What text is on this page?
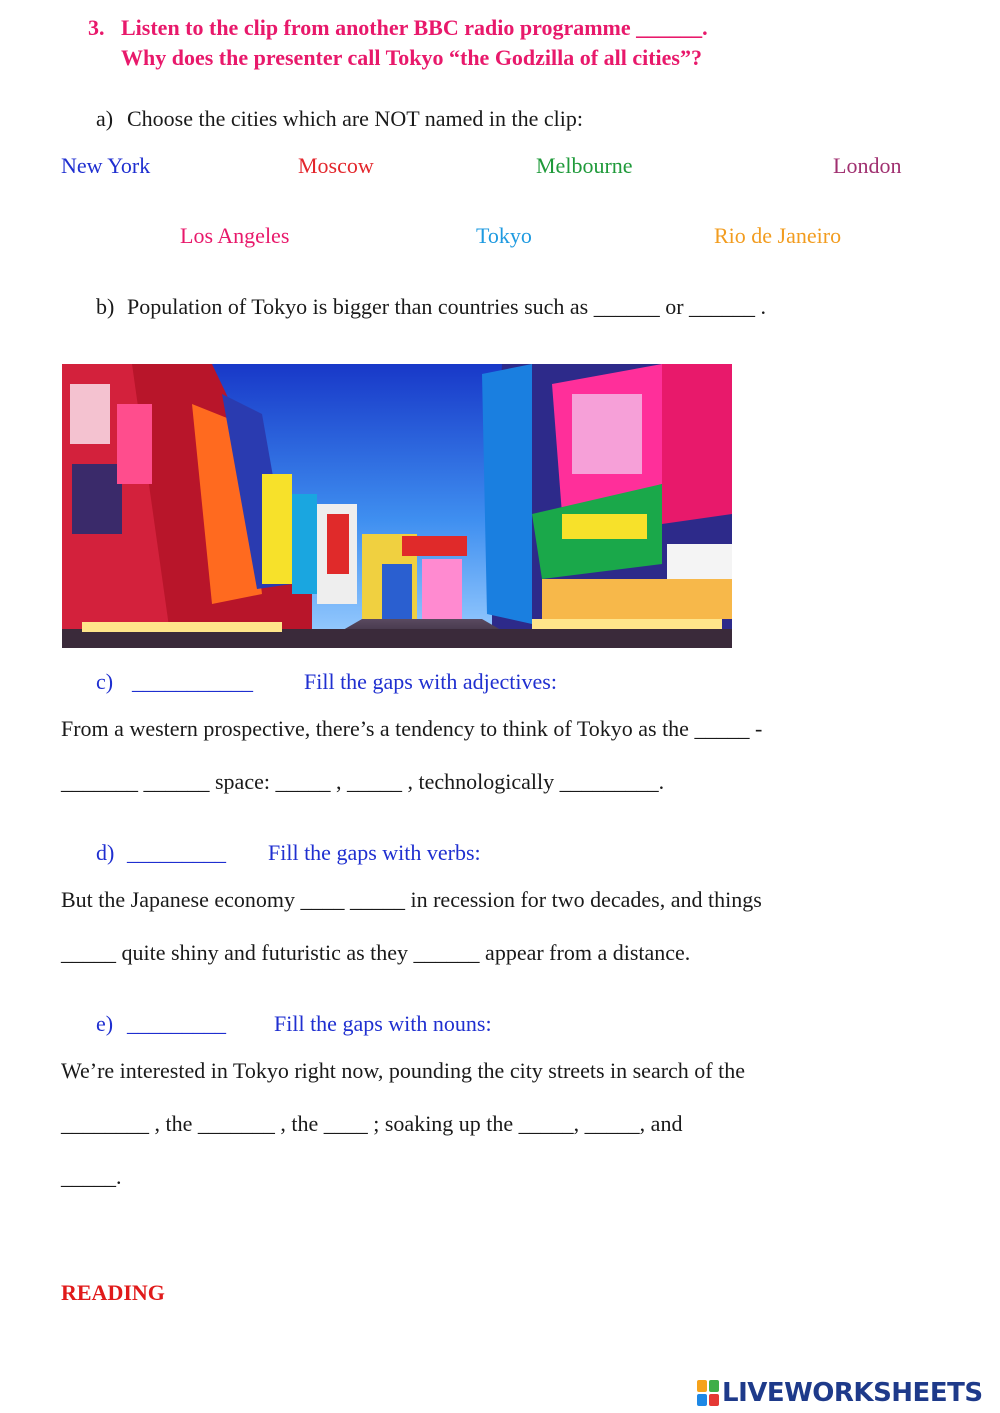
3. Listen to the clip from another BBC radio programme ______.
Why does the presenter call Tokyo “the Godzilla of all cities”?
a) Choose the cities which are NOT named in the clip:
New York	Moscow	Melbourne	London
Los Angeles	Tokyo	Rio de Janeiro
b) Population of Tokyo is bigger than countries such as ______ or ______ .
c) ___________ Fill the gaps with adjectives:
From a western prospective, there’s a tendency to think of Tokyo as the _____ -
_______ ______ space: _____ , _____ , technologically _________.
d) _________ Fill the gaps with verbs:
But the Japanese economy ____ _____ in recession for two decades, and things
_____ quite shiny and futuristic as they ______ appear from a distance.
e) _________ Fill the gaps with nouns:
We’re interested in Tokyo right now, pounding the city streets in search of the
________ , the _______ , the ____ ; soaking up the _____, _____, and
_____.
READING
LIVEWORKSHEETS
